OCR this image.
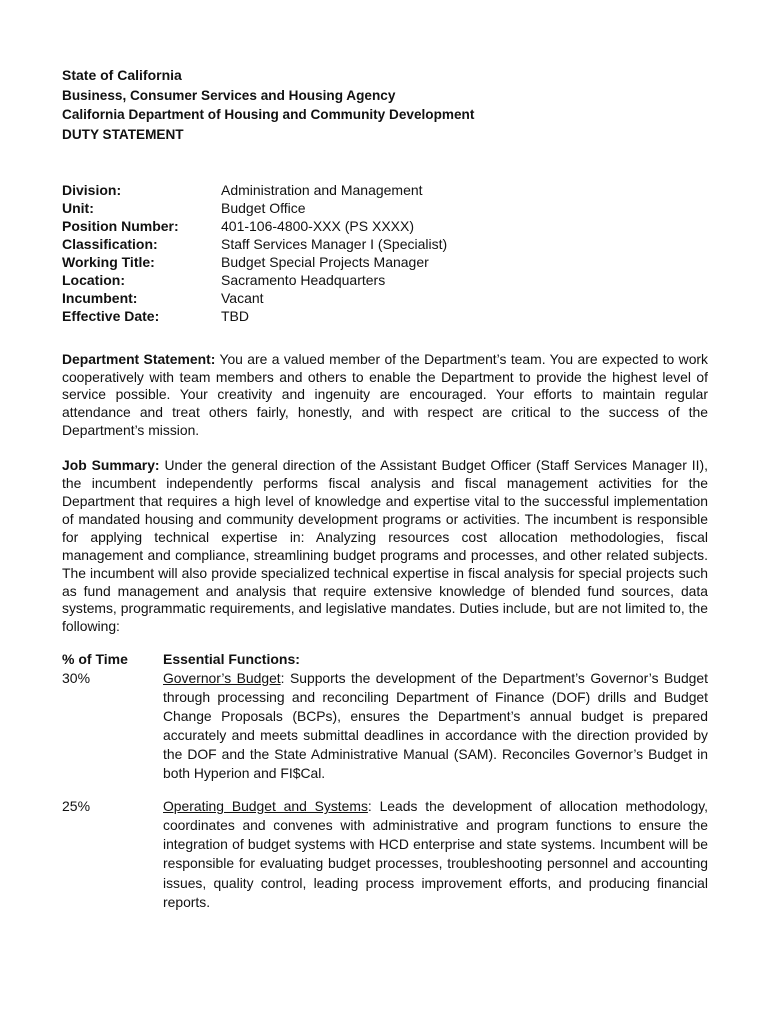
State of California
Business, Consumer Services and Housing Agency
California Department of Housing and Community Development
DUTY STATEMENT
Division:	Administration and Management
Unit:	Budget Office
Position Number:	401-106-4800-XXX (PS XXXX)
Classification:	Staff Services Manager I (Specialist)
Working Title:	Budget Special Projects Manager
Location:	Sacramento Headquarters
Incumbent:	Vacant
Effective Date:	TBD

Department Statement: You are a valued member of the Department’s team. You are expected to work cooperatively with team members and others to enable the Department to provide the highest level of service possible. Your creativity and ingenuity are encouraged. Your efforts to maintain regular attendance and treat others fairly, honestly, and with respect are critical to the success of the Department’s mission.

Job Summary: Under the general direction of the Assistant Budget Officer (Staff Services Manager II), the incumbent independently performs fiscal analysis and fiscal management activities for the Department that requires a high level of knowledge and expertise vital to the successful implementation of mandated housing and community development programs or activities. The incumbent is responsible for applying technical expertise in: Analyzing resources cost allocation methodologies, fiscal management and compliance, streamlining budget programs and processes, and other related subjects. The incumbent will also provide specialized technical expertise in fiscal analysis for special projects such as fund management and analysis that require extensive knowledge of blended fund sources, data systems, programmatic requirements, and legislative mandates. Duties include, but are not limited to, the following:

% of Time	Essential Functions:
30%	Governor’s Budget: Supports the development of the Department’s Governor’s Budget through processing and reconciling Department of Finance (DOF) drills and Budget Change Proposals (BCPs), ensures the Department’s annual budget is prepared accurately and meets submittal deadlines in accordance with the direction provided by the DOF and the State Administrative Manual (SAM). Reconciles Governor’s Budget in both Hyperion and FI$Cal.
25%	Operating Budget and Systems: Leads the development of allocation methodology, coordinates and convenes with administrative and program functions to ensure the integration of budget systems with HCD enterprise and state systems. Incumbent will be responsible for evaluating budget processes, troubleshooting personnel and accounting issues, quality control, leading process improvement efforts, and producing financial reports.
